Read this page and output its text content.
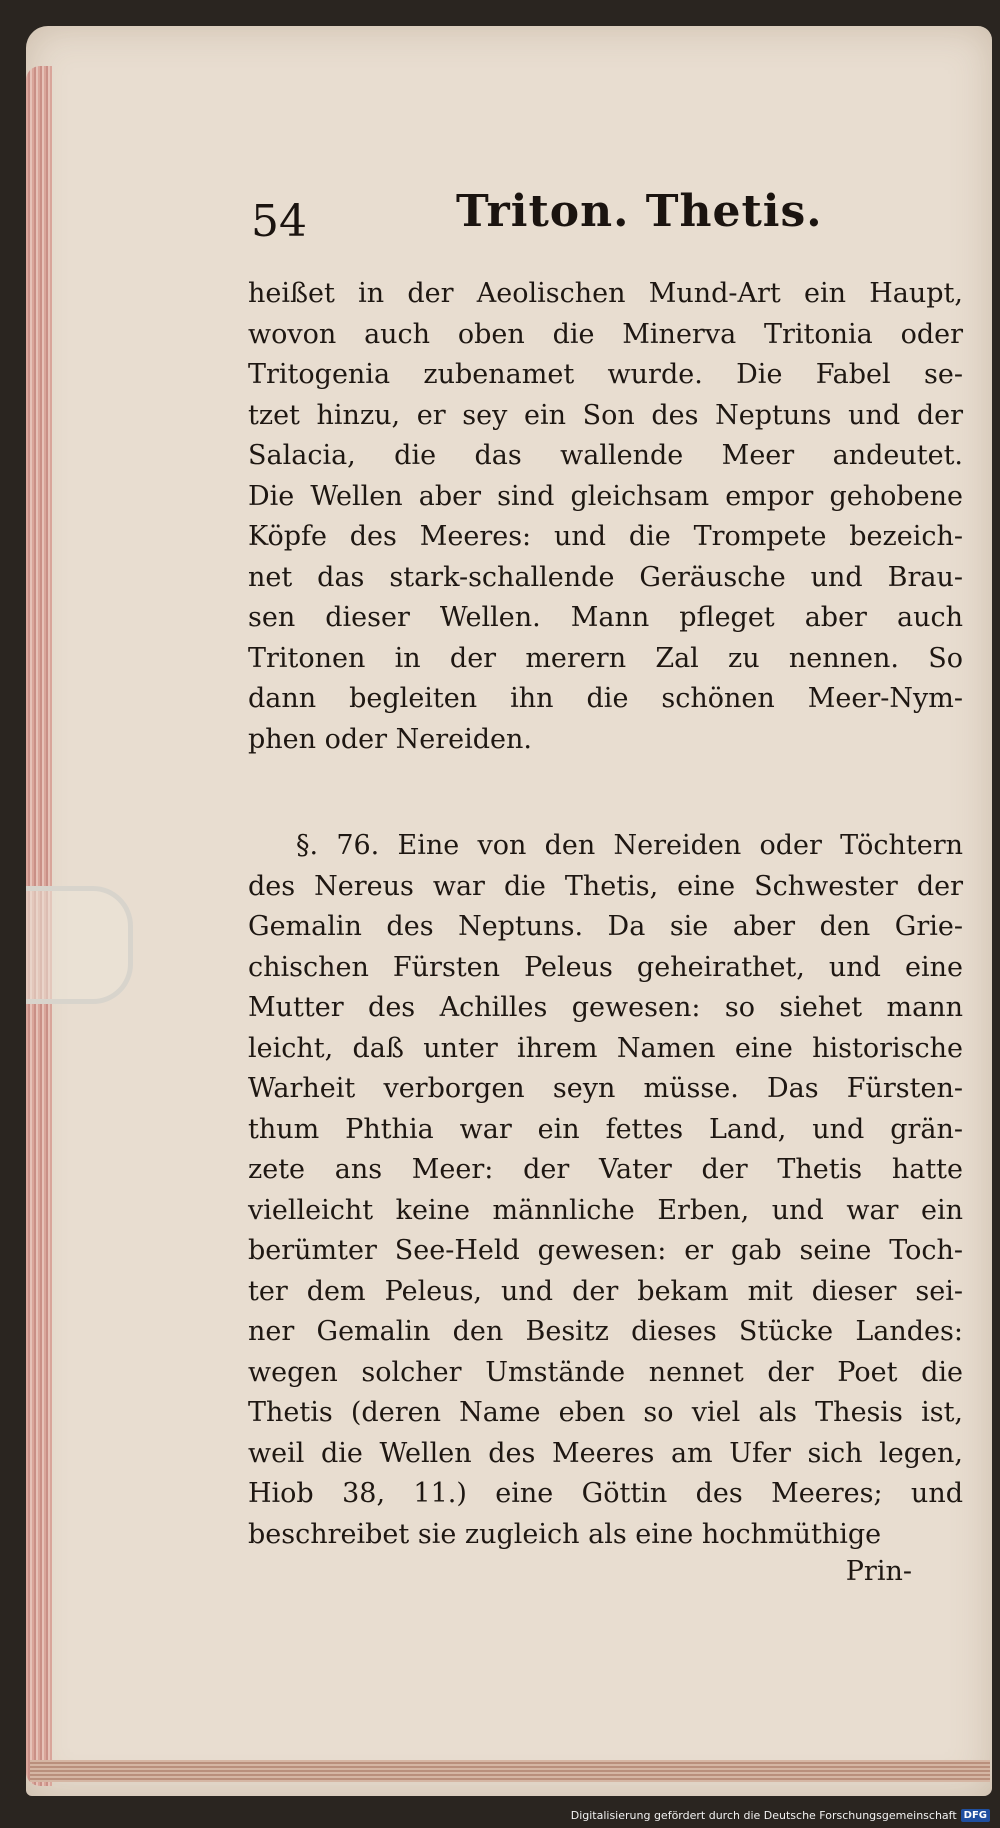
54	Triton. Thetis.
heißet in der Aeolischen Mund-Art ein Haupt,
wovon auch oben die Minerva Tritonia oder
Tritogenia zubenamet wurde. Die Fabel se-
tzet hinzu, er sey ein Son des Neptuns und der
Salacia, die das wallende Meer andeutet.
Die Wellen aber sind gleichsam empor gehobene
Köpfe des Meeres: und die Trompete bezeich-
net das stark-schallende Geräusche und Brau-
sen dieser Wellen. Mann pfleget aber auch
Tritonen in der merern Zal zu nennen. So
dann begleiten ihn die schönen Meer-Nym-
phen oder Nereiden.
§. 76. Eine von den Nereiden oder Töchtern
des Nereus war die Thetis, eine Schwester der
Gemalin des Neptuns. Da sie aber den Grie-
chischen Fürsten Peleus geheirathet, und eine
Mutter des Achilles gewesen: so siehet mann
leicht, daß unter ihrem Namen eine historische
Warheit verborgen seyn müsse. Das Fürsten-
thum Phthia war ein fettes Land, und grän-
zete ans Meer: der Vater der Thetis hatte
vielleicht keine männliche Erben, und war ein
berümter See-Held gewesen: er gab seine Toch-
ter dem Peleus, und der bekam mit dieser sei-
ner Gemalin den Besitz dieses Stücke Landes:
wegen solcher Umstände nennet der Poet die
Thetis (deren Name eben so viel als Thesis ist,
weil die Wellen des Meeres am Ufer sich legen,
Hiob 38, 11.) eine Göttin des Meeres; und
beschreibet sie zugleich als eine hochmüthige
Prin-
Digitalisierung gefördert durch die Deutsche Forschungsgemeinschaft DFG
